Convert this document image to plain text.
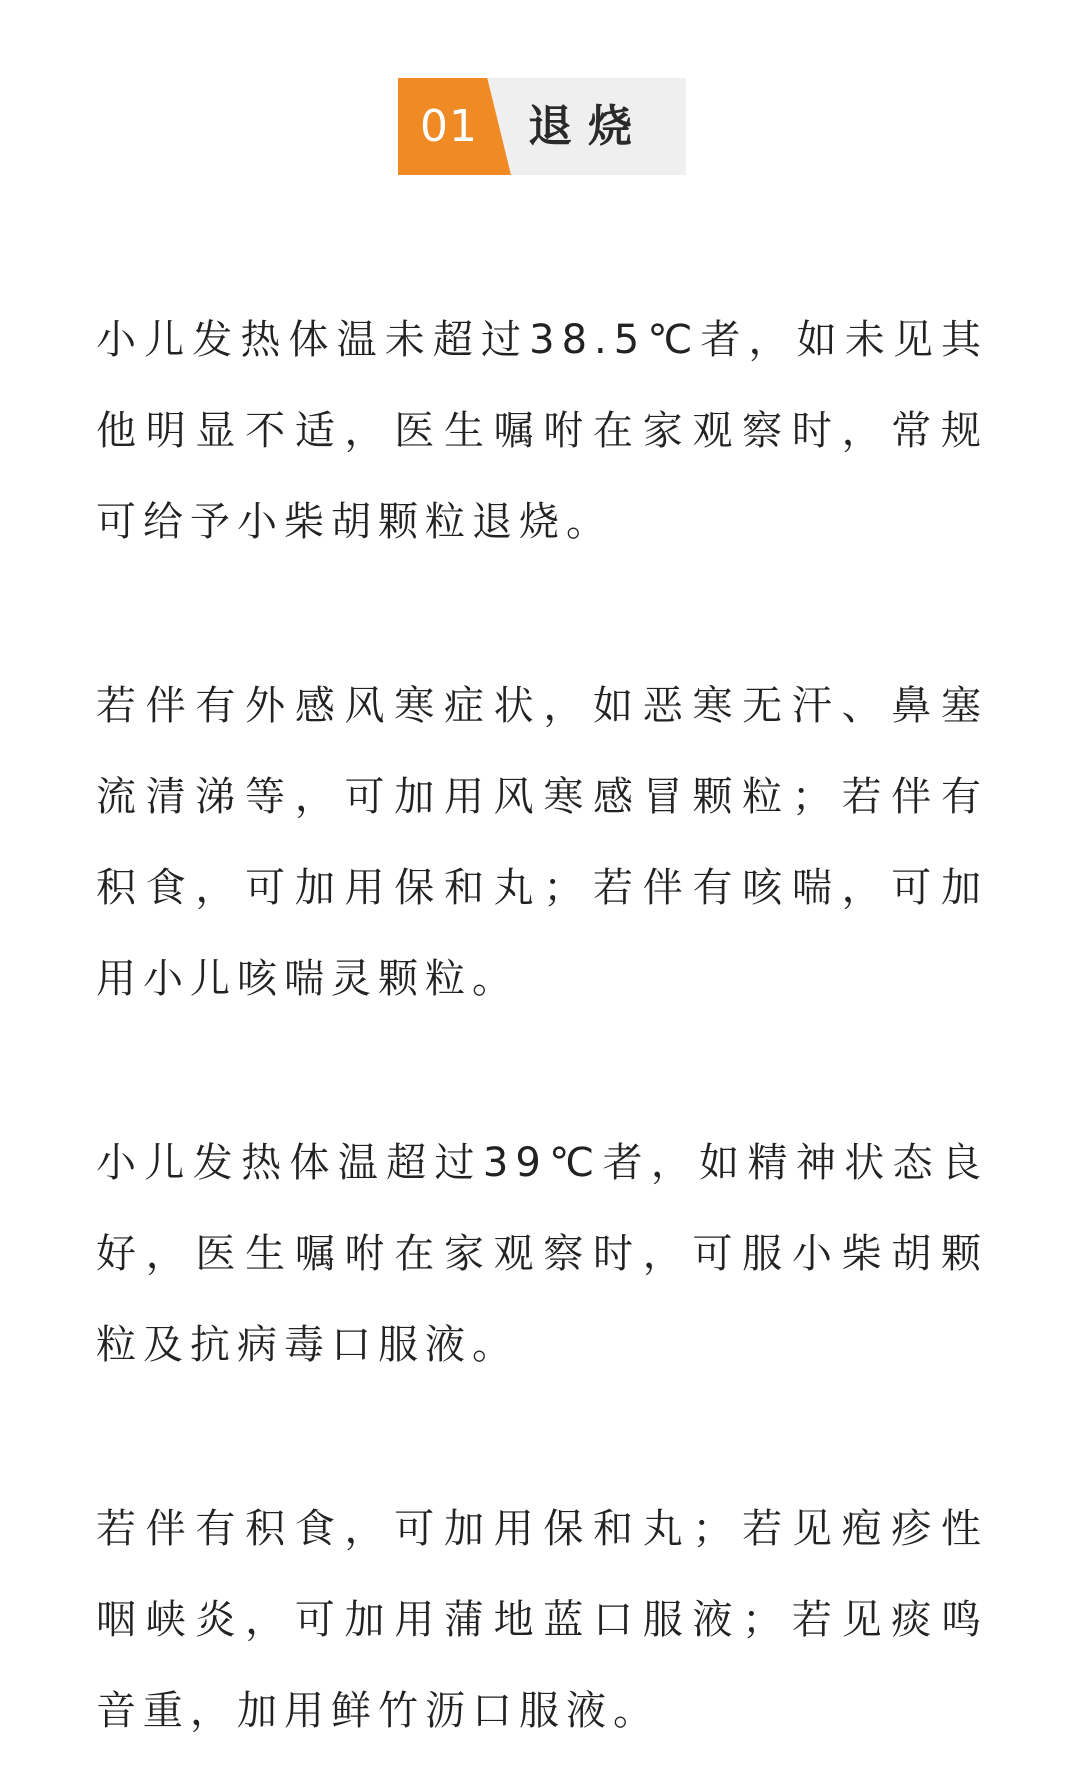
01 退烧

小儿发热体温未超过38.5℃者，如未见其他明显不适，医生嘱咐在家观察时，常规可给予小柴胡颗粒退烧。

若伴有外感风寒症状，如恶寒无汗、鼻塞流清涕等，可加用风寒感冒颗粒；若伴有积食，可加用保和丸；若伴有咳喘，可加用小儿咳喘灵颗粒。

小儿发热体温超过39℃者，如精神状态良好，医生嘱咐在家观察时，可服小柴胡颗粒及抗病毒口服液。

若伴有积食，可加用保和丸；若见疱疹性咽峡炎，可加用蒲地蓝口服液；若见痰鸣音重，加用鲜竹沥口服液。
